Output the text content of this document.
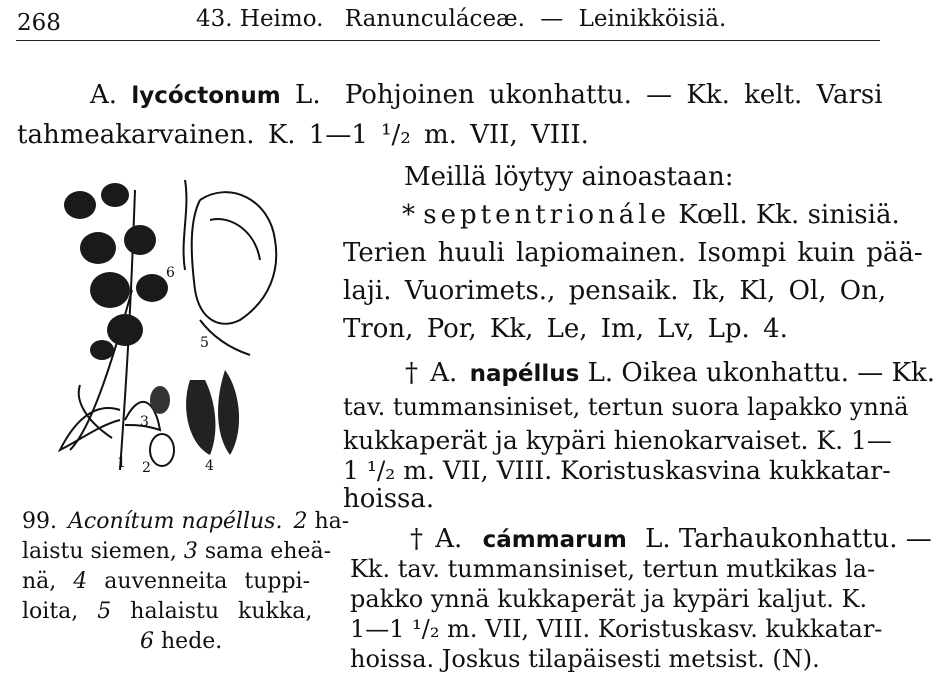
268	43. Heimo. Ranunculáceæ. — Leinikköisiä.
A. lycóctonum L. Pohjoinen ukonhattu. — Kk. kelt. Varsi
tahmeakarvainen. K. 1—1 ¹/₂ m. VII, VIII.
Meillä löytyy ainoastaan:
* septentrionále Kœll. Kk. sinisiä.
Terien huuli lapiomainen. Isompi kuin pää-
laji. Vuorimets., pensaik. Ik, Kl, Ol, On,
Tron, Por, Kk, Le, Im, Lv, Lp. 4.
† A. napéllus L. Oikea ukonhattu. — Kk.
tav. tummansiniset, tertun suora lapakko ynnä
kukkaperät ja kypäri hienokarvaiset. K. 1—
1 ¹/₂ m. VII, VIII. Koristuskasvina kukkatar-
hoissa.
† A. cámmarum L. Tarhaukonhattu. —
Kk. tav. tummansiniset, tertun mutkikas la-
pakko ynnä kukkaperät ja kypäri kaljut. K.
1—1 ¹/₂ m. VII, VIII. Koristuskasv. kukkatar-
hoissa. Joskus tilapäisesti metsist. (N).
1 2
3
4
5
6
99. Aconítum napéllus. 2 ha-
laistu siemen, 3 sama eheä-
nä, 4 auvenneita tuppi-
loita, 5 halaistu kukka,
6 hede.
